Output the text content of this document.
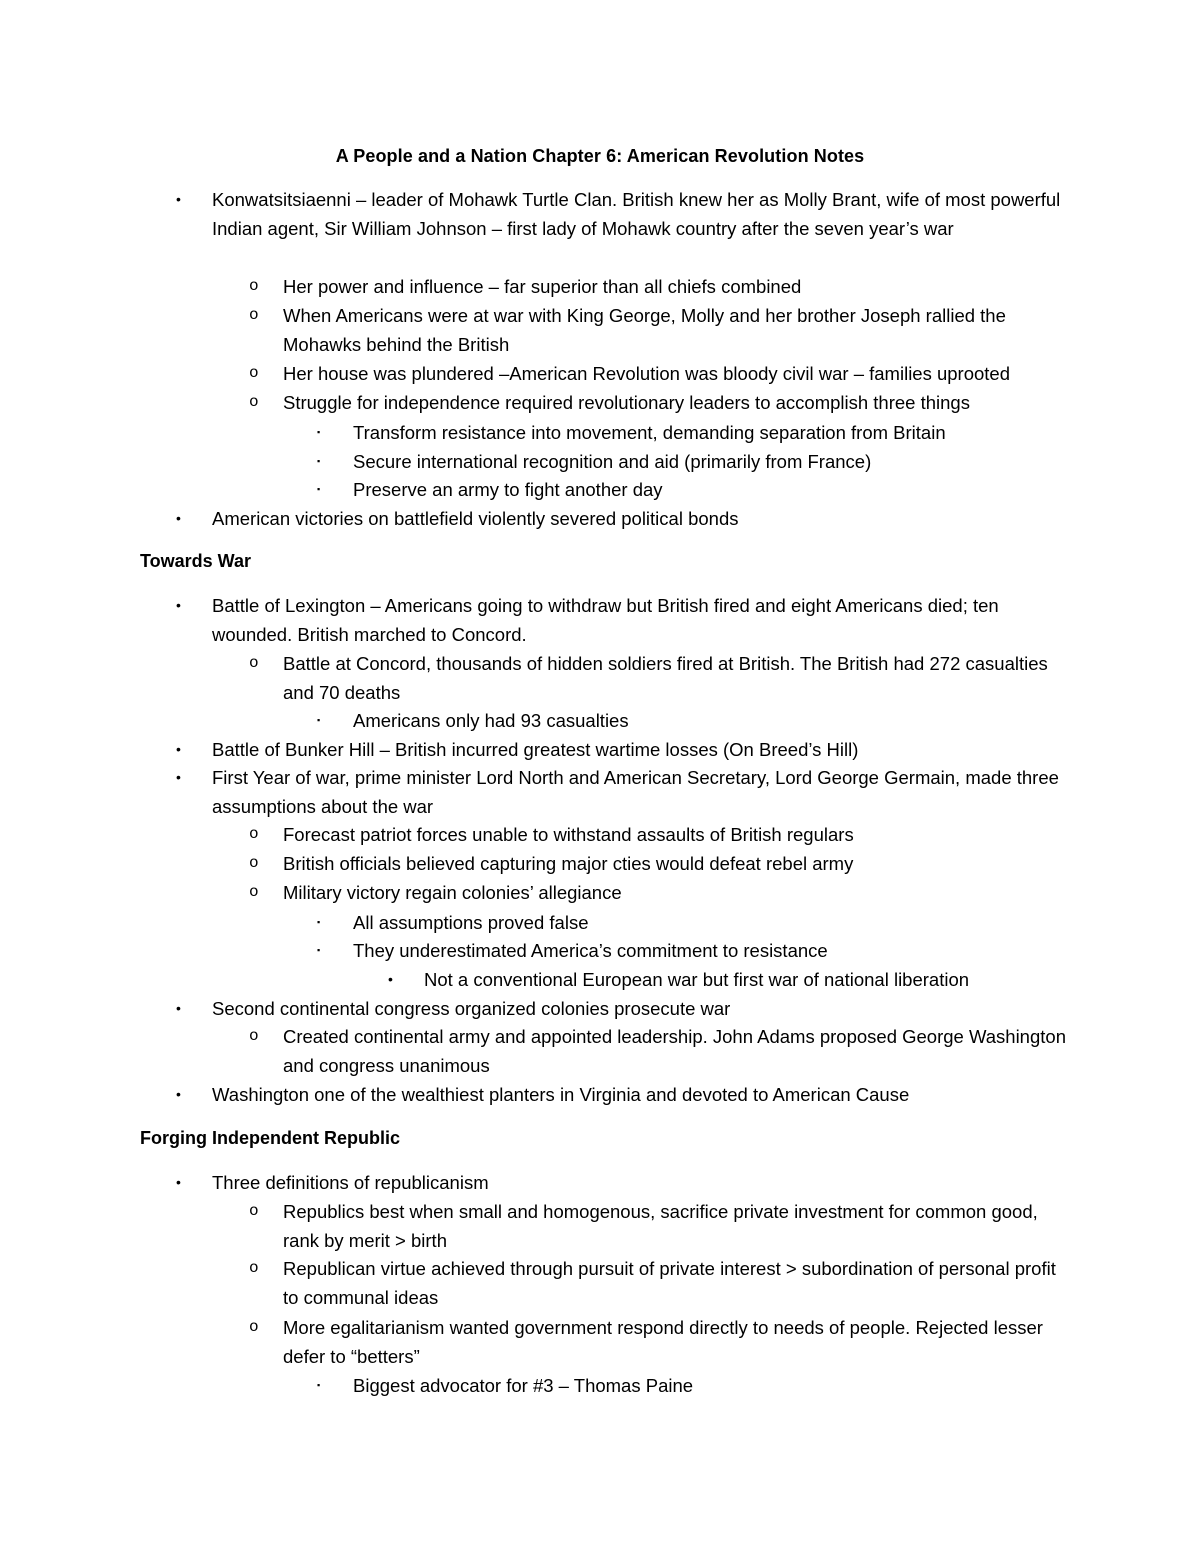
A People and a Nation Chapter 6: American Revolution Notes
• Konwatsitsiaenni – leader of Mohawk Turtle Clan. British knew her as Molly Brant, wife of most powerful Indian agent, Sir William Johnson – first lady of Mohawk country after the seven year’s war
o Her power and influence – far superior than all chiefs combined
o When Americans were at war with King George, Molly and her brother Joseph rallied the Mohawks behind the British
o Her house was plundered –American Revolution was bloody civil war – families uprooted
o Struggle for independence required revolutionary leaders to accomplish three things
▪ Transform resistance into movement, demanding separation from Britain
▪ Secure international recognition and aid (primarily from France)
▪ Preserve an army to fight another day
• American victories on battlefield violently severed political bonds
Towards War
• Battle of Lexington – Americans going to withdraw but British fired and eight Americans died; ten wounded. British marched to Concord.
o Battle at Concord, thousands of hidden soldiers fired at British. The British had 272 casualties and 70 deaths
▪ Americans only had 93 casualties
• Battle of Bunker Hill – British incurred greatest wartime losses (On Breed’s Hill)
• First Year of war, prime minister Lord North and American Secretary, Lord George Germain, made three assumptions about the war
o Forecast patriot forces unable to withstand assaults of British regulars
o British officials believed capturing major cties would defeat rebel army
o Military victory regain colonies’ allegiance
▪ All assumptions proved false
▪ They underestimated America’s commitment to resistance
• Not a conventional European war but first war of national liberation
• Second continental congress organized colonies prosecute war
o Created continental army and appointed leadership. John Adams proposed George Washington and congress unanimous
• Washington one of the wealthiest planters in Virginia and devoted to American Cause
Forging Independent Republic
• Three definitions of republicanism
o Republics best when small and homogenous, sacrifice private investment for common good, rank by merit > birth
o Republican virtue achieved through pursuit of private interest > subordination of personal profit to communal ideas
o More egalitarianism wanted government respond directly to needs of people. Rejected lesser defer to “betters”
▪ Biggest advocator for #3 – Thomas Paine
